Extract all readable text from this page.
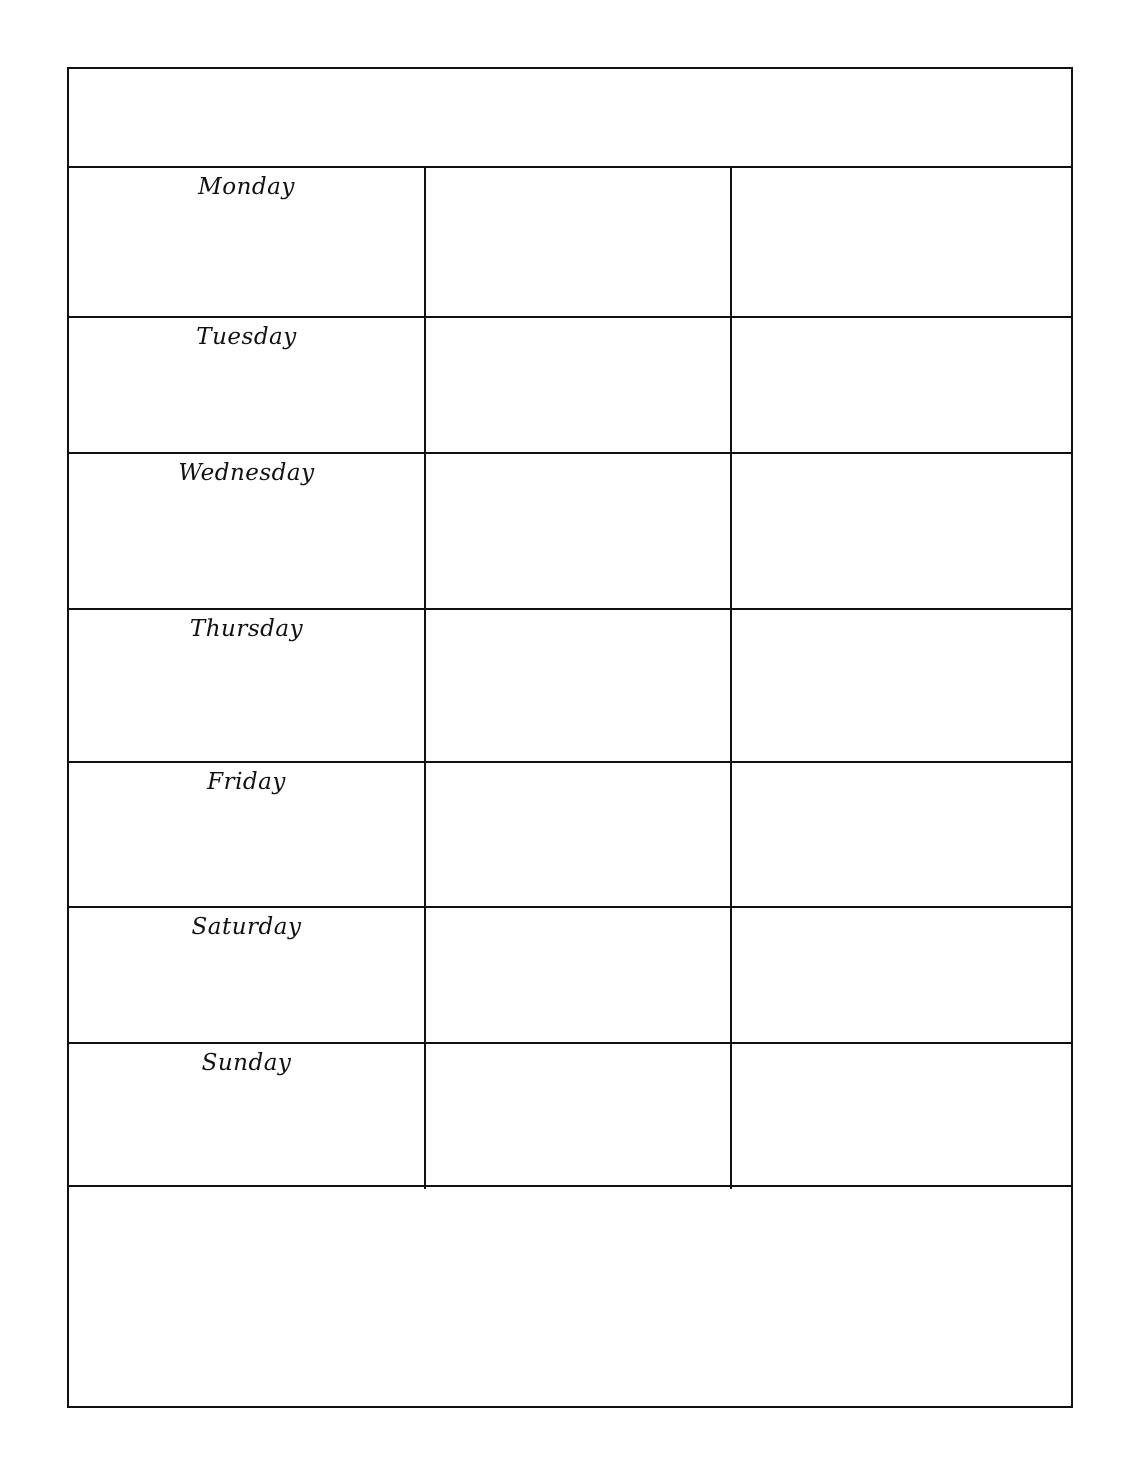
Monday
Tuesday
Wednesday
Thursday
Friday
Saturday
Sunday
